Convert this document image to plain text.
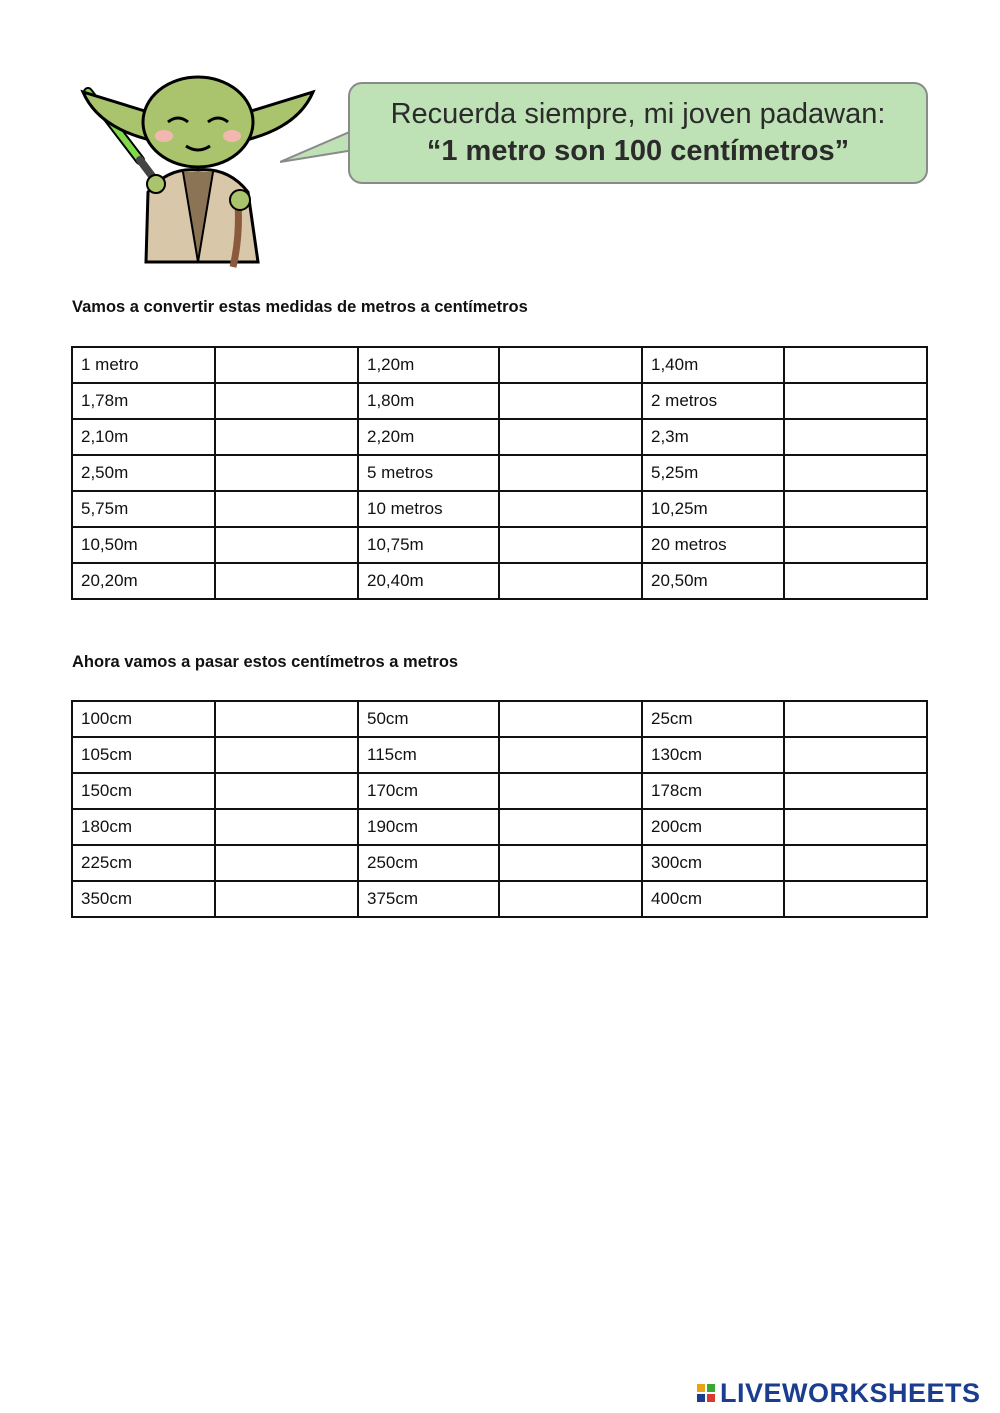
Recuerda siempre, mi joven padawan:
“1 metro son 100 centímetros”
Vamos a convertir estas medidas de metros a centímetros
1 metro		1,20m		1,40m	
1,78m		1,80m		2 metros	
2,10m		2,20m		2,3m	
2,50m		5 metros		5,25m	
5,75m		10 metros		10,25m	
10,50m		10,75m		20 metros	
20,20m		20,40m		20,50m	
Ahora vamos a pasar estos centímetros a metros
100cm		50cm		25cm	
105cm		115cm		130cm	
150cm		170cm		178cm	
180cm		190cm		200cm	
225cm		250cm		300cm	
350cm		375cm		400cm	
LIVEWORKSHEETS
